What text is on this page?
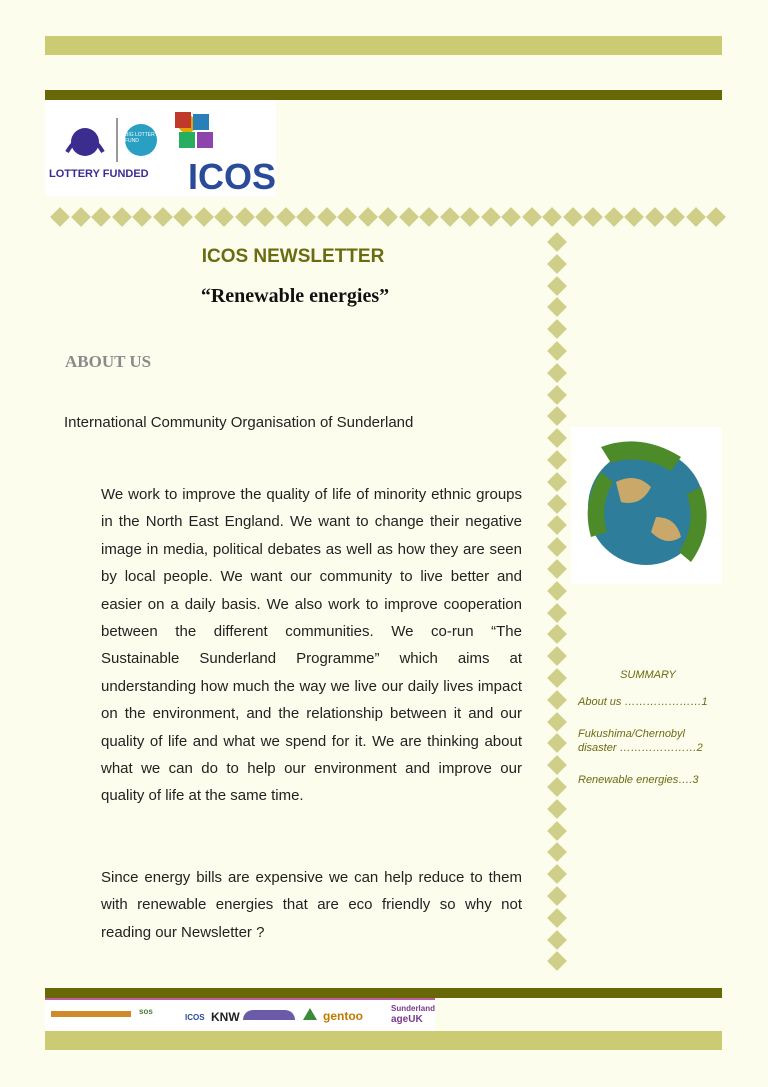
LOTTERY FUNDED
BIG LOTTERY FUND
ICOS
ICOS NEWSLETTER
“Renewable energies”
ABOUT US
International Community Organisation of Sunderland

We work to improve the quality of life of minority ethnic groups in the North East England. We want to change their negative image in media, political debates as well as how they are seen by local people. We want our community to live better and easier on a daily basis. We also work to improve cooperation between the different communities. We co-run “The Sustainable Sunderland Programme” which aims at understanding how much the way we live our daily lives impact on the environment, and the relationship between it and our quality of life and what we spend for it. We are thinking about what we can do to help our environment and improve our quality of life at the same time.

Since energy bills are expensive we can help reduce to them with renewable energies that are eco friendly so why not reading our Newsletter ?

SUMMARY
About us …………………1
Fukushima/Chernobyl disaster …………………2
Renewable energies….3
sos
ICOS KNW	gentoo
Sunderland
ageUK
